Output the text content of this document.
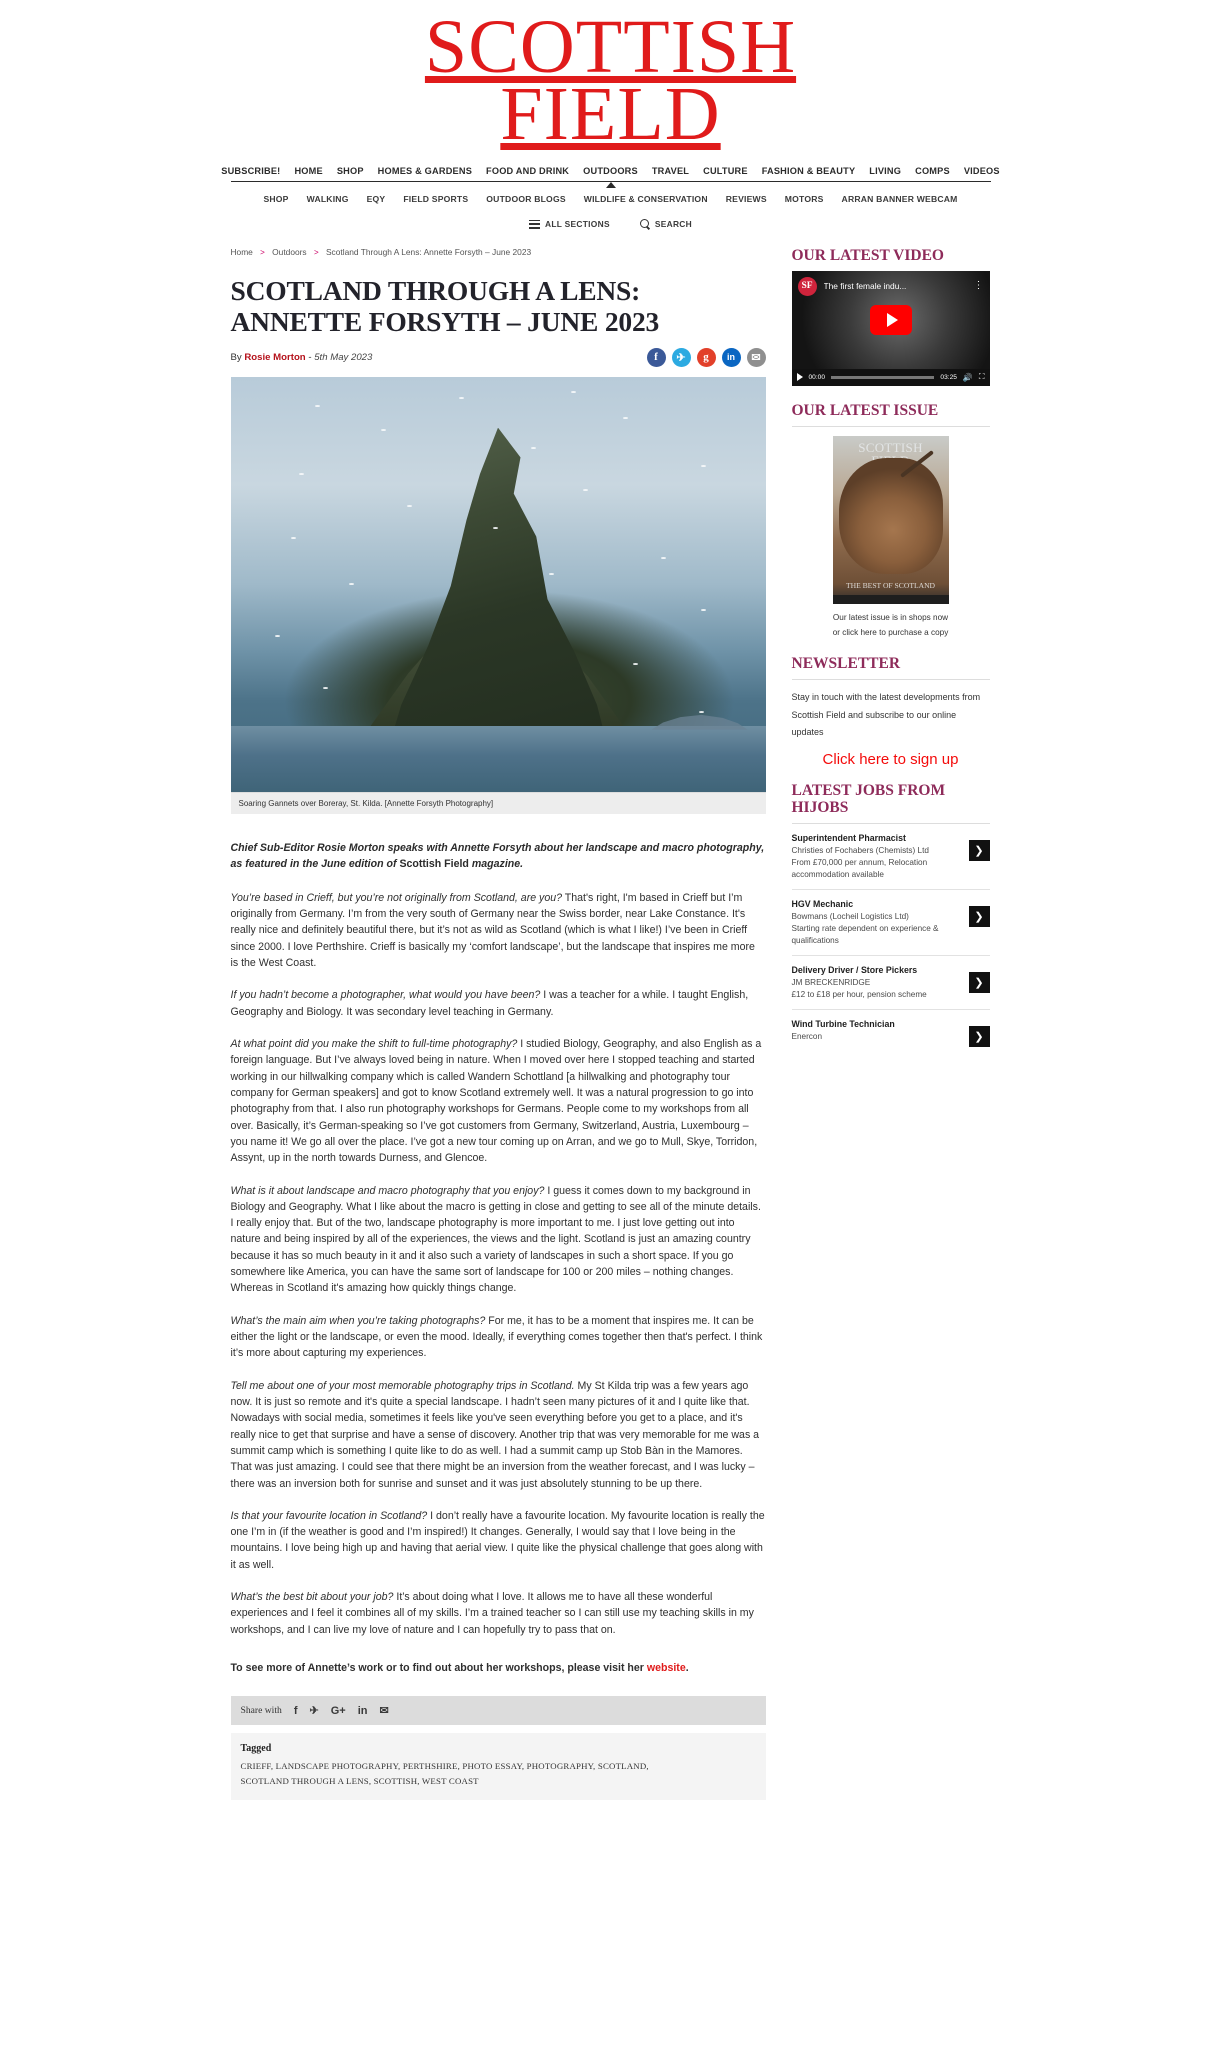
SCOTTISH
FIELD
SUBSCRIBE! HOME SHOP HOMES & GARDENS FOOD AND DRINK OUTDOORS TRAVEL CULTURE FASHION & BEAUTY LIVING COMPS VIDEOS
SHOP WALKING EQY FIELD SPORTS OUTDOOR BLOGS WILDLIFE & CONSERVATION REVIEWS MOTORS ARRAN BANNER WEBCAM
ALL SECTIONS	SEARCH
Home > Outdoors > Scotland Through A Lens: Annette Forsyth – June 2023
SCOTLAND THROUGH A LENS: ANNETTE FORSYTH – JUNE 2023
By Rosie Morton - 5th May 2023	f	✈	g	in	✉
Soaring Gannets over Boreray, St. Kilda. [Annette Forsyth Photography]

Chief Sub-Editor Rosie Morton speaks with Annette Forsyth about her landscape and macro photography, as featured in the June edition of Scottish Field magazine.

You’re based in Crieff, but you’re not originally from Scotland, are you? That's right, I'm based in Crieff but I’m originally from Germany. I’m from the very south of Germany near the Swiss border, near Lake Constance. It's really nice and definitely beautiful there, but it’s not as wild as Scotland (which is what I like!) I’ve been in Crieff since 2000. I love Perthshire. Crieff is basically my ‘comfort landscape’, but the landscape that inspires me more is the West Coast.

If you hadn’t become a photographer, what would you have been? I was a teacher for a while. I taught English, Geography and Biology. It was secondary level teaching in Germany.

At what point did you make the shift to full-time photography? I studied Biology, Geography, and also English as a foreign language. But I’ve always loved being in nature. When I moved over here I stopped teaching and started working in our hillwalking company which is called Wandern Schottland [a hillwalking and photography tour company for German speakers] and got to know Scotland extremely well. It was a natural progression to go into photography from that. I also run photography workshops for Germans. People come to my workshops from all over. Basically, it’s German-speaking so I’ve got customers from Germany, Switzerland, Austria, Luxembourg – you name it! We go all over the place. I’ve got a new tour coming up on Arran, and we go to Mull, Skye, Torridon, Assynt, up in the north towards Durness, and Glencoe.

What is it about landscape and macro photography that you enjoy? I guess it comes down to my background in Biology and Geography. What I like about the macro is getting in close and getting to see all of the minute details. I really enjoy that. But of the two, landscape photography is more important to me. I just love getting out into nature and being inspired by all of the experiences, the views and the light. Scotland is just an amazing country because it has so much beauty in it and it also such a variety of landscapes in such a short space. If you go somewhere like America, you can have the same sort of landscape for 100 or 200 miles – nothing changes. Whereas in Scotland it's amazing how quickly things change.

What’s the main aim when you’re taking photographs? For me, it has to be a moment that inspires me. It can be either the light or the landscape, or even the mood. Ideally, if everything comes together then that's perfect. I think it’s more about capturing my experiences.

Tell me about one of your most memorable photography trips in Scotland. My St Kilda trip was a few years ago now. It is just so remote and it's quite a special landscape. I hadn’t seen many pictures of it and I quite like that. Nowadays with social media, sometimes it feels like you've seen everything before you get to a place, and it's really nice to get that surprise and have a sense of discovery. Another trip that was very memorable for me was a summit camp which is something I quite like to do as well. I had a summit camp up Stob Bàn in the Mamores. That was just amazing. I could see that there might be an inversion from the weather forecast, and I was lucky – there was an inversion both for sunrise and sunset and it was just absolutely stunning to be up there.

Is that your favourite location in Scotland? I don’t really have a favourite location. My favourite location is really the one I’m in (if the weather is good and I’m inspired!) It changes. Generally, I would say that I love being in the mountains. I love being high up and having that aerial view. I quite like the physical challenge that goes along with it as well.

What’s the best bit about your job? It’s about doing what I love. It allows me to have all these wonderful experiences and I feel it combines all of my skills. I’m a trained teacher so I can still use my teaching skills in my workshops, and I can live my love of nature and I can hopefully try to pass that on.

To see more of Annette’s work or to find out about her workshops, please visit her website.

Share with f ✈ G+ in ✉
Tagged
CRIEFF, LANDSCAPE PHOTOGRAPHY, PERTHSHIRE, PHOTO ESSAY, PHOTOGRAPHY, SCOTLAND,
SCOTLAND THROUGH A LENS, SCOTTISH, WEST COAST
OUR LATEST VIDEO
SF	The first female indu...	⋮
00:00	03:25 🔊 ⛶
OUR LATEST ISSUE
SCOTTISH

THE BEST OF SCOTLAND
Our latest issue is in shops now
or click here to purchase a copy
NEWSLETTER
Stay in touch with the latest developments from Scottish Field and subscribe to our online updates
Click here to sign up
LATEST JOBS FROM HIJOBS
Superintendent Pharmacist
Christies of Fochabers (Chemists) Ltd
From £70,000 per annum, Relocation accommodation available
❯
HGV Mechanic
Bowmans (Locheil Logistics Ltd)
Starting rate dependent on experience & qualifications
❯
Delivery Driver / Store Pickers
JM BRECKENRIDGE
£12 to £18 per hour, pension scheme
❯
Wind Turbine Technician
Enercon	❯
